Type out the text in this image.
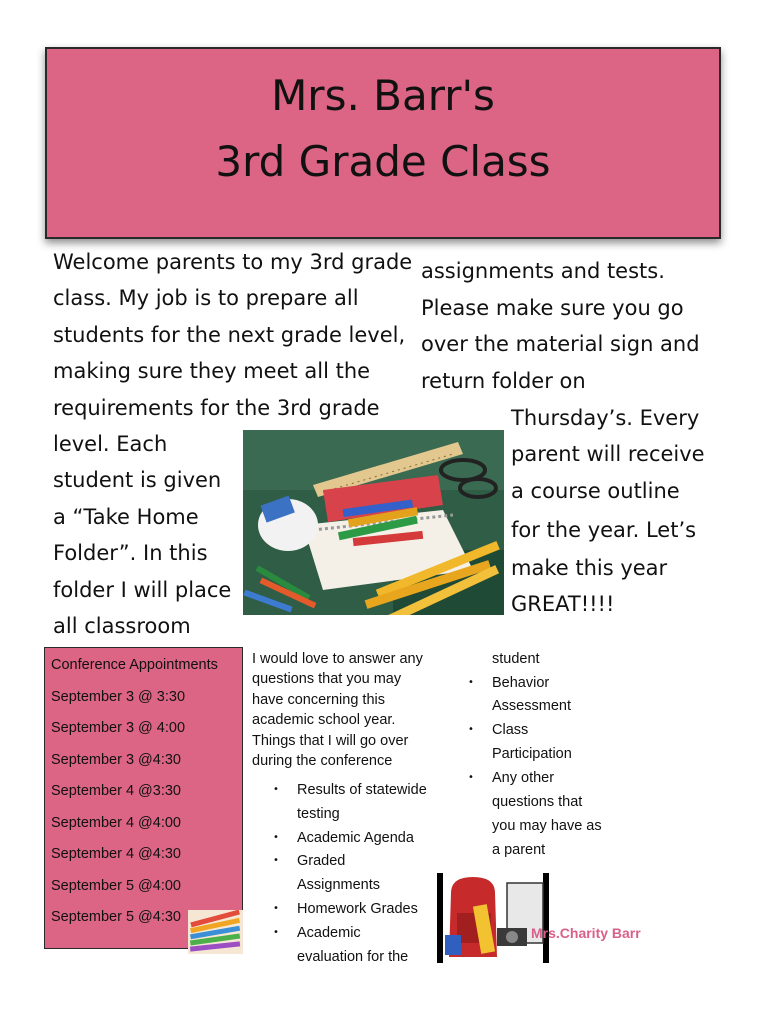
Mrs. Barr's
3rd Grade Class
Welcome parents to my 3rd grade
class. My job is to prepare all
students for the next grade level,
making sure they meet all the
requirements for the 3rd grade
level. Each
student is given
a “Take Home
Folder”. In this
folder I will place
all classroom
assignments and tests.
Please make sure you go
over the material sign and
return folder on
Thursday’s. Every
parent will receive
a course outline
for the year. Let’s
make this year
GREAT!!!!
Conference Appointments
September 3 @ 3:30
September 3 @ 4:00
September 3 @4:30
September 4 @3:30
September 4 @4:00
September 4 @4:30
September 5 @4:00
September 5 @4:30
I would love to answer any
questions that you may
have concerning this
academic school year.
Things that I will go over
during the conference
• Results of statewide
testing
• Academic Agenda
• Graded
Assignments
• Homework Grades
• Academic
evaluation for the
student
• Behavior
Assessment
• Class
Participation
• Any other
questions that
you may have as
a parent
Mrs.Charity Barr
